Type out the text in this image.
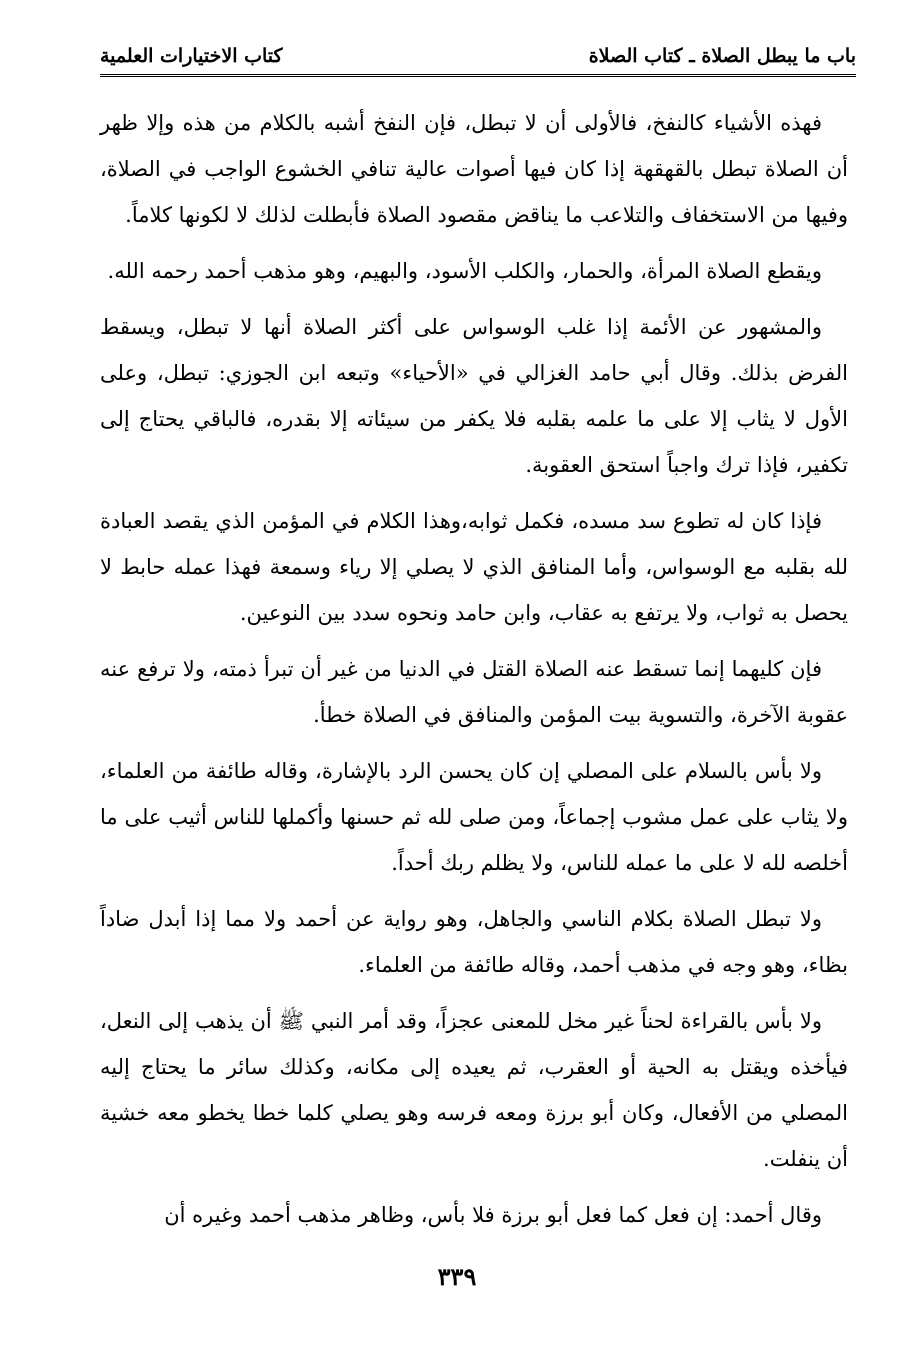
باب ما يبطل الصلاة ـ كتاب الصلاة
كتاب الاختيارات العلمية

فهذه الأشياء كالنفخ، فالأولى أن لا تبطل، فإن النفخ أشبه بالكلام من هذه وإلا ظهر أن الصلاة تبطل بالقهقهة إذا كان فيها أصوات عالية تنافي الخشوع الواجب في الصلاة، وفيها من الاستخفاف والتلاعب ما يناقض مقصود الصلاة فأبطلت لذلك لا لكونها كلاماً.

ويقطع الصلاة المرأة، والحمار، والكلب الأسود، والبهيم، وهو مذهب أحمد رحمه الله.

والمشهور عن الأئمة إذا غلب الوسواس على أكثر الصلاة أنها لا تبطل، ويسقط الفرض بذلك. وقال أبي حامد الغزالي في «الأحياء» وتبعه ابن الجوزي: تبطل، وعلى الأول لا يثاب إلا على ما علمه بقلبه فلا يكفر من سيئاته إلا بقدره، فالباقي يحتاج إلى تكفير، فإذا ترك واجباً استحق العقوبة.

فإذا كان له تطوع سد مسده، فكمل ثوابه،وهذا الكلام في المؤمن الذي يقصد العبادة لله بقلبه مع الوسواس، وأما المنافق الذي لا يصلي إلا رياء وسمعة فهذا عمله حابط لا يحصل به ثواب، ولا يرتفع به عقاب، وابن حامد ونحوه سدد بين النوعين.

فإن كليهما إنما تسقط عنه الصلاة القتل في الدنيا من غير أن تبرأ ذمته، ولا ترفع عنه عقوبة الآخرة، والتسوية بيت المؤمن والمنافق في الصلاة خطأ.

ولا بأس بالسلام على المصلي إن كان يحسن الرد بالإشارة، وقاله طائفة من العلماء، ولا يثاب على عمل مشوب إجماعاً، ومن صلى لله ثم حسنها وأكملها للناس أثيب على ما أخلصه لله لا على ما عمله للناس، ولا يظلم ربك أحداً.

ولا تبطل الصلاة بكلام الناسي والجاهل، وهو رواية عن أحمد ولا مما إذا أبدل ضاداً بظاء، وهو وجه في مذهب أحمد، وقاله طائفة من العلماء.

ولا بأس بالقراءة لحناً غير مخل للمعنى عجزاً، وقد أمر النبي ﷺ أن يذهب إلى النعل، فيأخذه ويقتل به الحية أو العقرب، ثم يعيده إلى مكانه، وكذلك سائر ما يحتاج إليه المصلي من الأفعال، وكان أبو برزة ومعه فرسه وهو يصلي كلما خطا يخطو معه خشية أن ينفلت.

وقال أحمد: إن فعل كما فعل أبو برزة فلا بأس، وظاهر مذهب أحمد وغيره أن

٣٣٩
